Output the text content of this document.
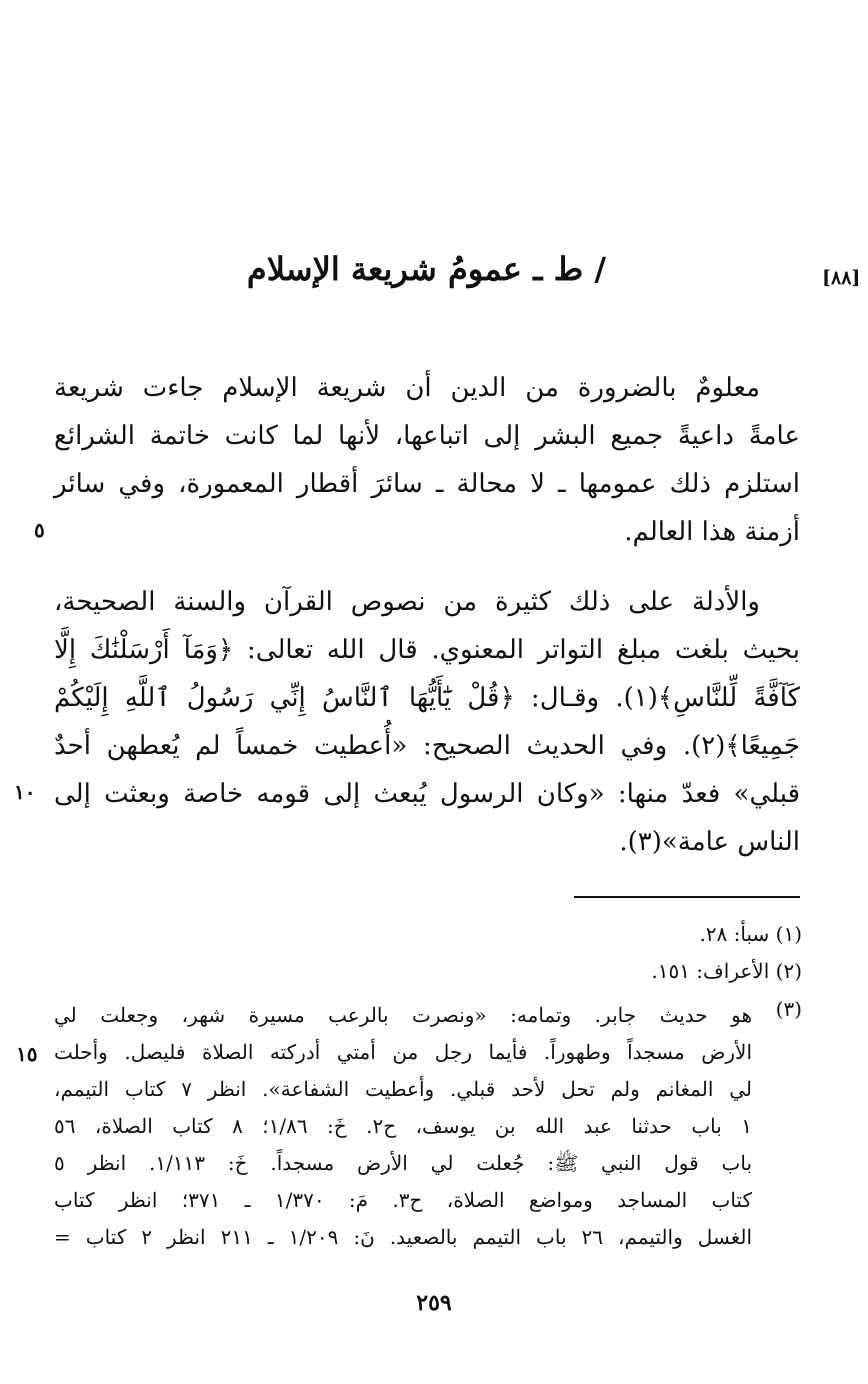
[٨٨]
/ ط ـ عمومُ شريعة الإسلام
معلومٌ بالضرورة من الدين أن شريعة الإسلام جاءت شريعة
عامةً داعيةً جميع البشر إلى اتباعها، لأنها لما كانت خاتمة الشرائع
استلزم ذلك عمومها ـ لا محالة ـ سائرَ أقطار المعمورة، وفي سائر
أزمنة هذا العالم.
٥
والأدلة على ذلك كثيرة من نصوص القرآن والسنة الصحيحة،
بحيث بلغت مبلغ التواتر المعنوي. قال الله تعالى: ﴿وَمَآ أَرْسَلْنَٰكَ إِلَّا
كَآفَّةً لِّلنَّاسِ﴾(١). وقـال: ﴿قُلْ يَٰٓأَيُّهَا ٱلنَّاسُ إِنِّي رَسُولُ ٱللَّهِ إِلَيْكُمْ
جَمِيعًا﴾(٢). وفي الحديث الصحيح: «أُعطيت خمساً لم يُعطهن أحدٌ
قبلي» فعدّ منها: «وكان الرسول يُبعث إلى قومه خاصة وبعثت إلى
الناس عامة»(٣).
١٠
(١) سبأ: ٢٨.
(٢) الأعراف: ١٥١.
(٣)
هو حديث جابر. وتمامه: «ونصرت بالرعب مسيرة شهر، وجعلت لي
الأرض مسجداً وطهوراً. فأيما رجل من أمتي أدركته الصلاة فليصل. وأحلت
لي المغانم ولم تحل لأحد قبلي. وأعطيت الشفاعة». انظر ٧ كتاب التيمم،
١ باب حدثنا عبد الله بن يوسف، ح٢. خَ: ١/٨٦؛ ٨ كتاب الصلاة، ٥٦
باب قول النبي ﷺ: جُعلت لي الأرض مسجداً. خَ: ١/١١٣. انظر ٥
كتاب المساجد ومواضع الصلاة، ح٣. مَ: ١/٣٧٠ ـ ٣٧١؛ انظر كتاب
الغسل والتيمم، ٢٦ باب التيمم بالصعيد. نَ: ١/٢٠٩ ـ ٢١١ انظر ٢ كتاب =
١٥
٢٥٩
